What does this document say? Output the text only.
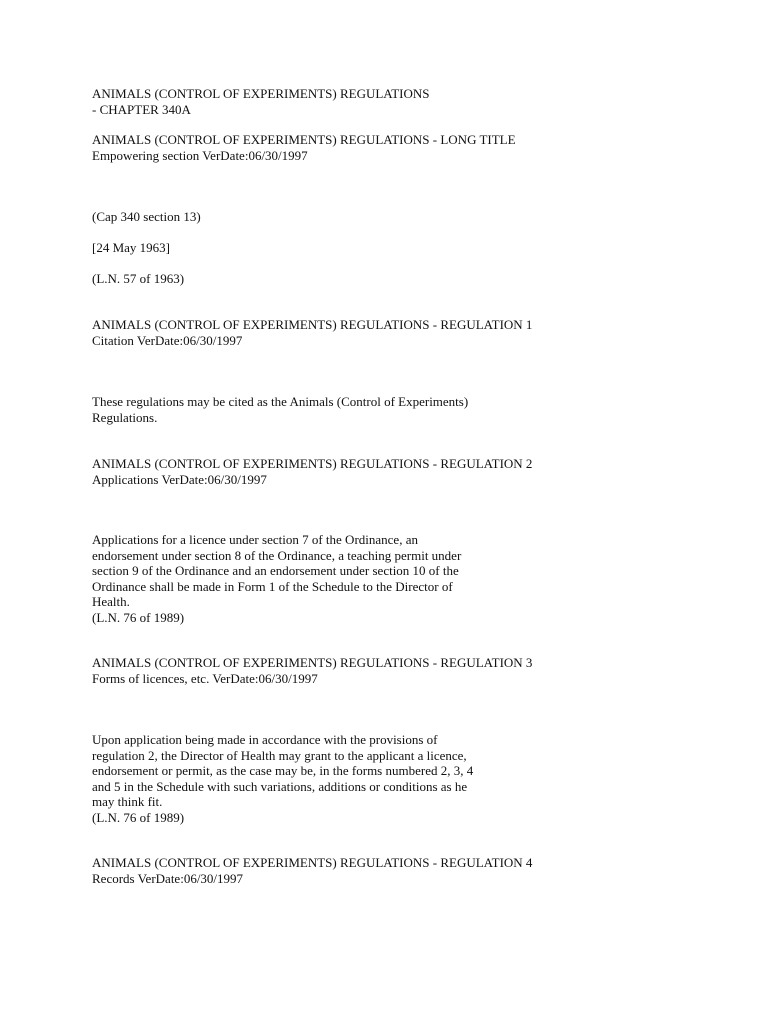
ANIMALS (CONTROL OF EXPERIMENTS) REGULATIONS
- CHAPTER 340A
ANIMALS (CONTROL OF EXPERIMENTS) REGULATIONS - LONG TITLE
Empowering section VerDate:06/30/1997
(Cap 340 section 13)
[24 May 1963]
(L.N. 57 of 1963)
ANIMALS (CONTROL OF EXPERIMENTS) REGULATIONS - REGULATION 1
Citation VerDate:06/30/1997
These regulations may be cited as the Animals (Control of Experiments)
Regulations.
ANIMALS (CONTROL OF EXPERIMENTS) REGULATIONS - REGULATION 2
Applications VerDate:06/30/1997
Applications for a licence under section 7 of the Ordinance, an
endorsement under section 8 of the Ordinance, a teaching permit under
section 9 of the Ordinance and an endorsement under section 10 of the
Ordinance shall be made in Form 1 of the Schedule to the Director of
Health.
(L.N. 76 of 1989)
ANIMALS (CONTROL OF EXPERIMENTS) REGULATIONS - REGULATION 3
Forms of licences, etc. VerDate:06/30/1997
Upon application being made in accordance with the provisions of
regulation 2, the Director of Health may grant to the applicant a licence,
endorsement or permit, as the case may be, in the forms numbered 2, 3, 4
and 5 in the Schedule with such variations, additions or conditions as he
may think fit.
(L.N. 76 of 1989)
ANIMALS (CONTROL OF EXPERIMENTS) REGULATIONS - REGULATION 4
Records VerDate:06/30/1997
